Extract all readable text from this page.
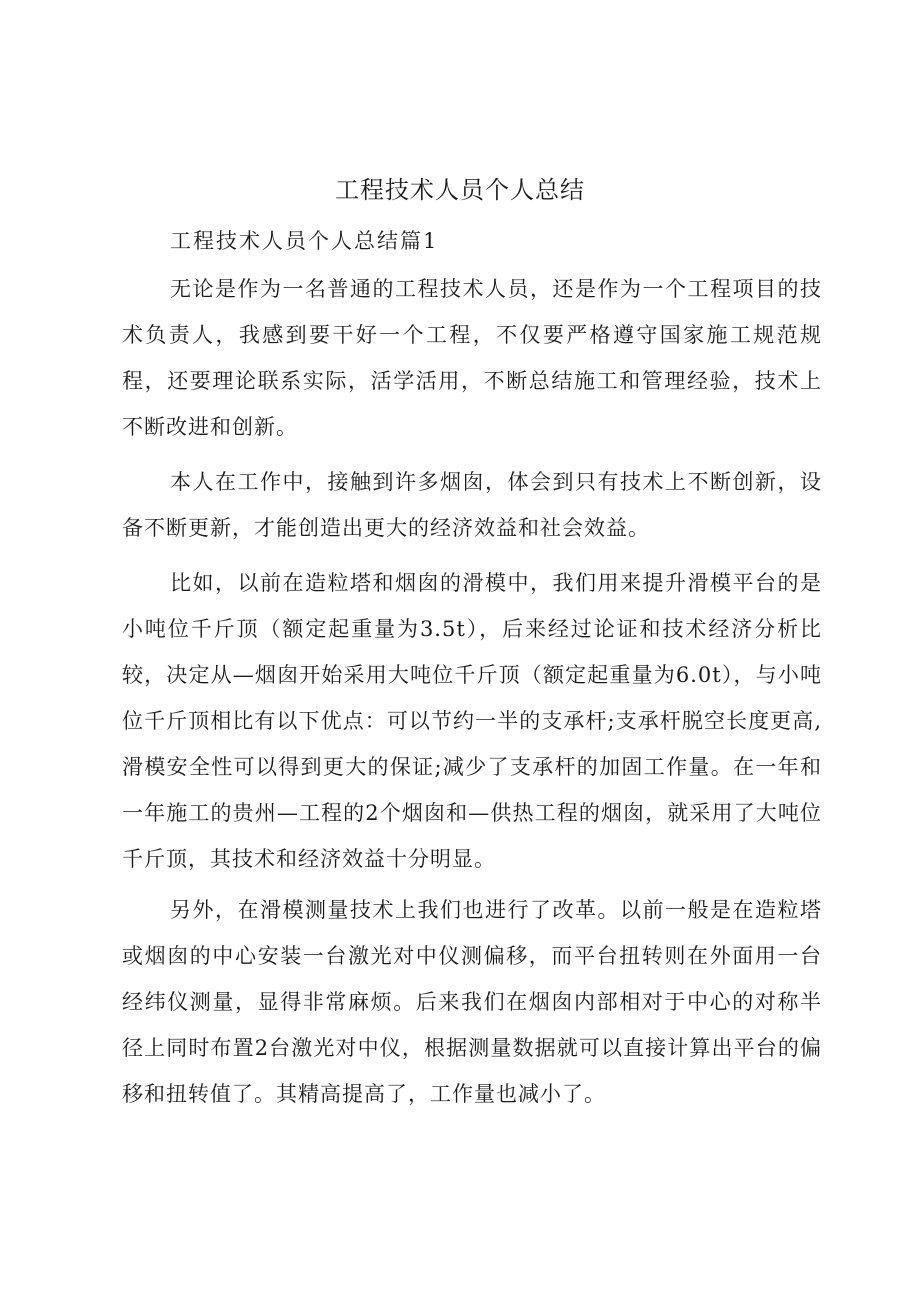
工程技术人员个人总结
工程技术人员个人总结篇1

无论是作为一名普通的工程技术人员，还是作为一个工程项目的技术负责人，我感到要干好一个工程，不仅要严格遵守国家施工规范规程，还要理论联系实际，活学活用，不断总结施工和管理经验，技术上不断改进和创新。

本人在工作中，接触到许多烟囱，体会到只有技术上不断创新，设备不断更新，才能创造出更大的经济效益和社会效益。

比如，以前在造粒塔和烟囱的滑模中，我们用来提升滑模平台的是小吨位千斤顶（额定起重量为3.5t），后来经过论证和技术经济分析比较，决定从—烟囱开始采用大吨位千斤顶（额定起重量为6.0t），与小吨位千斤顶相比有以下优点：可以节约一半的支承杆;支承杆脱空长度更高,滑模安全性可以得到更大的保证;减少了支承杆的加固工作量。在一年和一年施工的贵州—工程的2个烟囱和—供热工程的烟囱，就采用了大吨位千斤顶，其技术和经济效益十分明显。

另外，在滑模测量技术上我们也进行了改革。以前一般是在造粒塔或烟囱的中心安装一台激光对中仪测偏移，而平台扭转则在外面用一台经纬仪测量，显得非常麻烦。后来我们在烟囱内部相对于中心的对称半径上同时布置2台激光对中仪，根据测量数据就可以直接计算出平台的偏移和扭转值了。其精高提高了，工作量也减小了。
